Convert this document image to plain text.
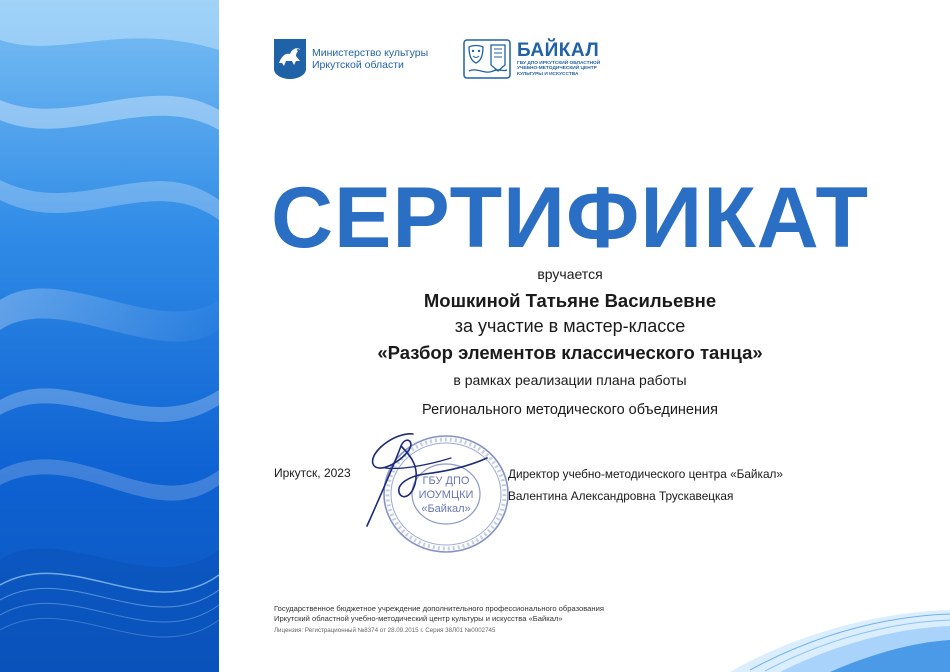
Министерство культуры
Иркутской области
БАЙКАЛ
ГБУ ДПО ИРКУТСКИЙ ОБЛАСТНОЙ
УЧЕБНО-МЕТОДИЧЕСКИЙ ЦЕНТР
КУЛЬТУРЫ И ИСКУССТВА
СЕРТИФИКАТ
вручается
Мошкиной Татьяне Васильевне
за участие в мастер-классе
«Разбор элементов классического танца»
в рамках реализации плана работы
Регионального методического объединения
Иркутск, 2023
ГБУ ДПО
ИОУМЦКИ
«Байкал»
Директор учебно-методического центра «Байкал»
Валентина Александровна Трускавецкая
Государственное бюджетное учреждение дополнительного профессионального образования
Иркутский областной учебно-методический центр культуры и искусства «Байкал»
Лицензия: Регистрационный №8374 от 28.09.2015 г. Серия 38Л01 №0002745
